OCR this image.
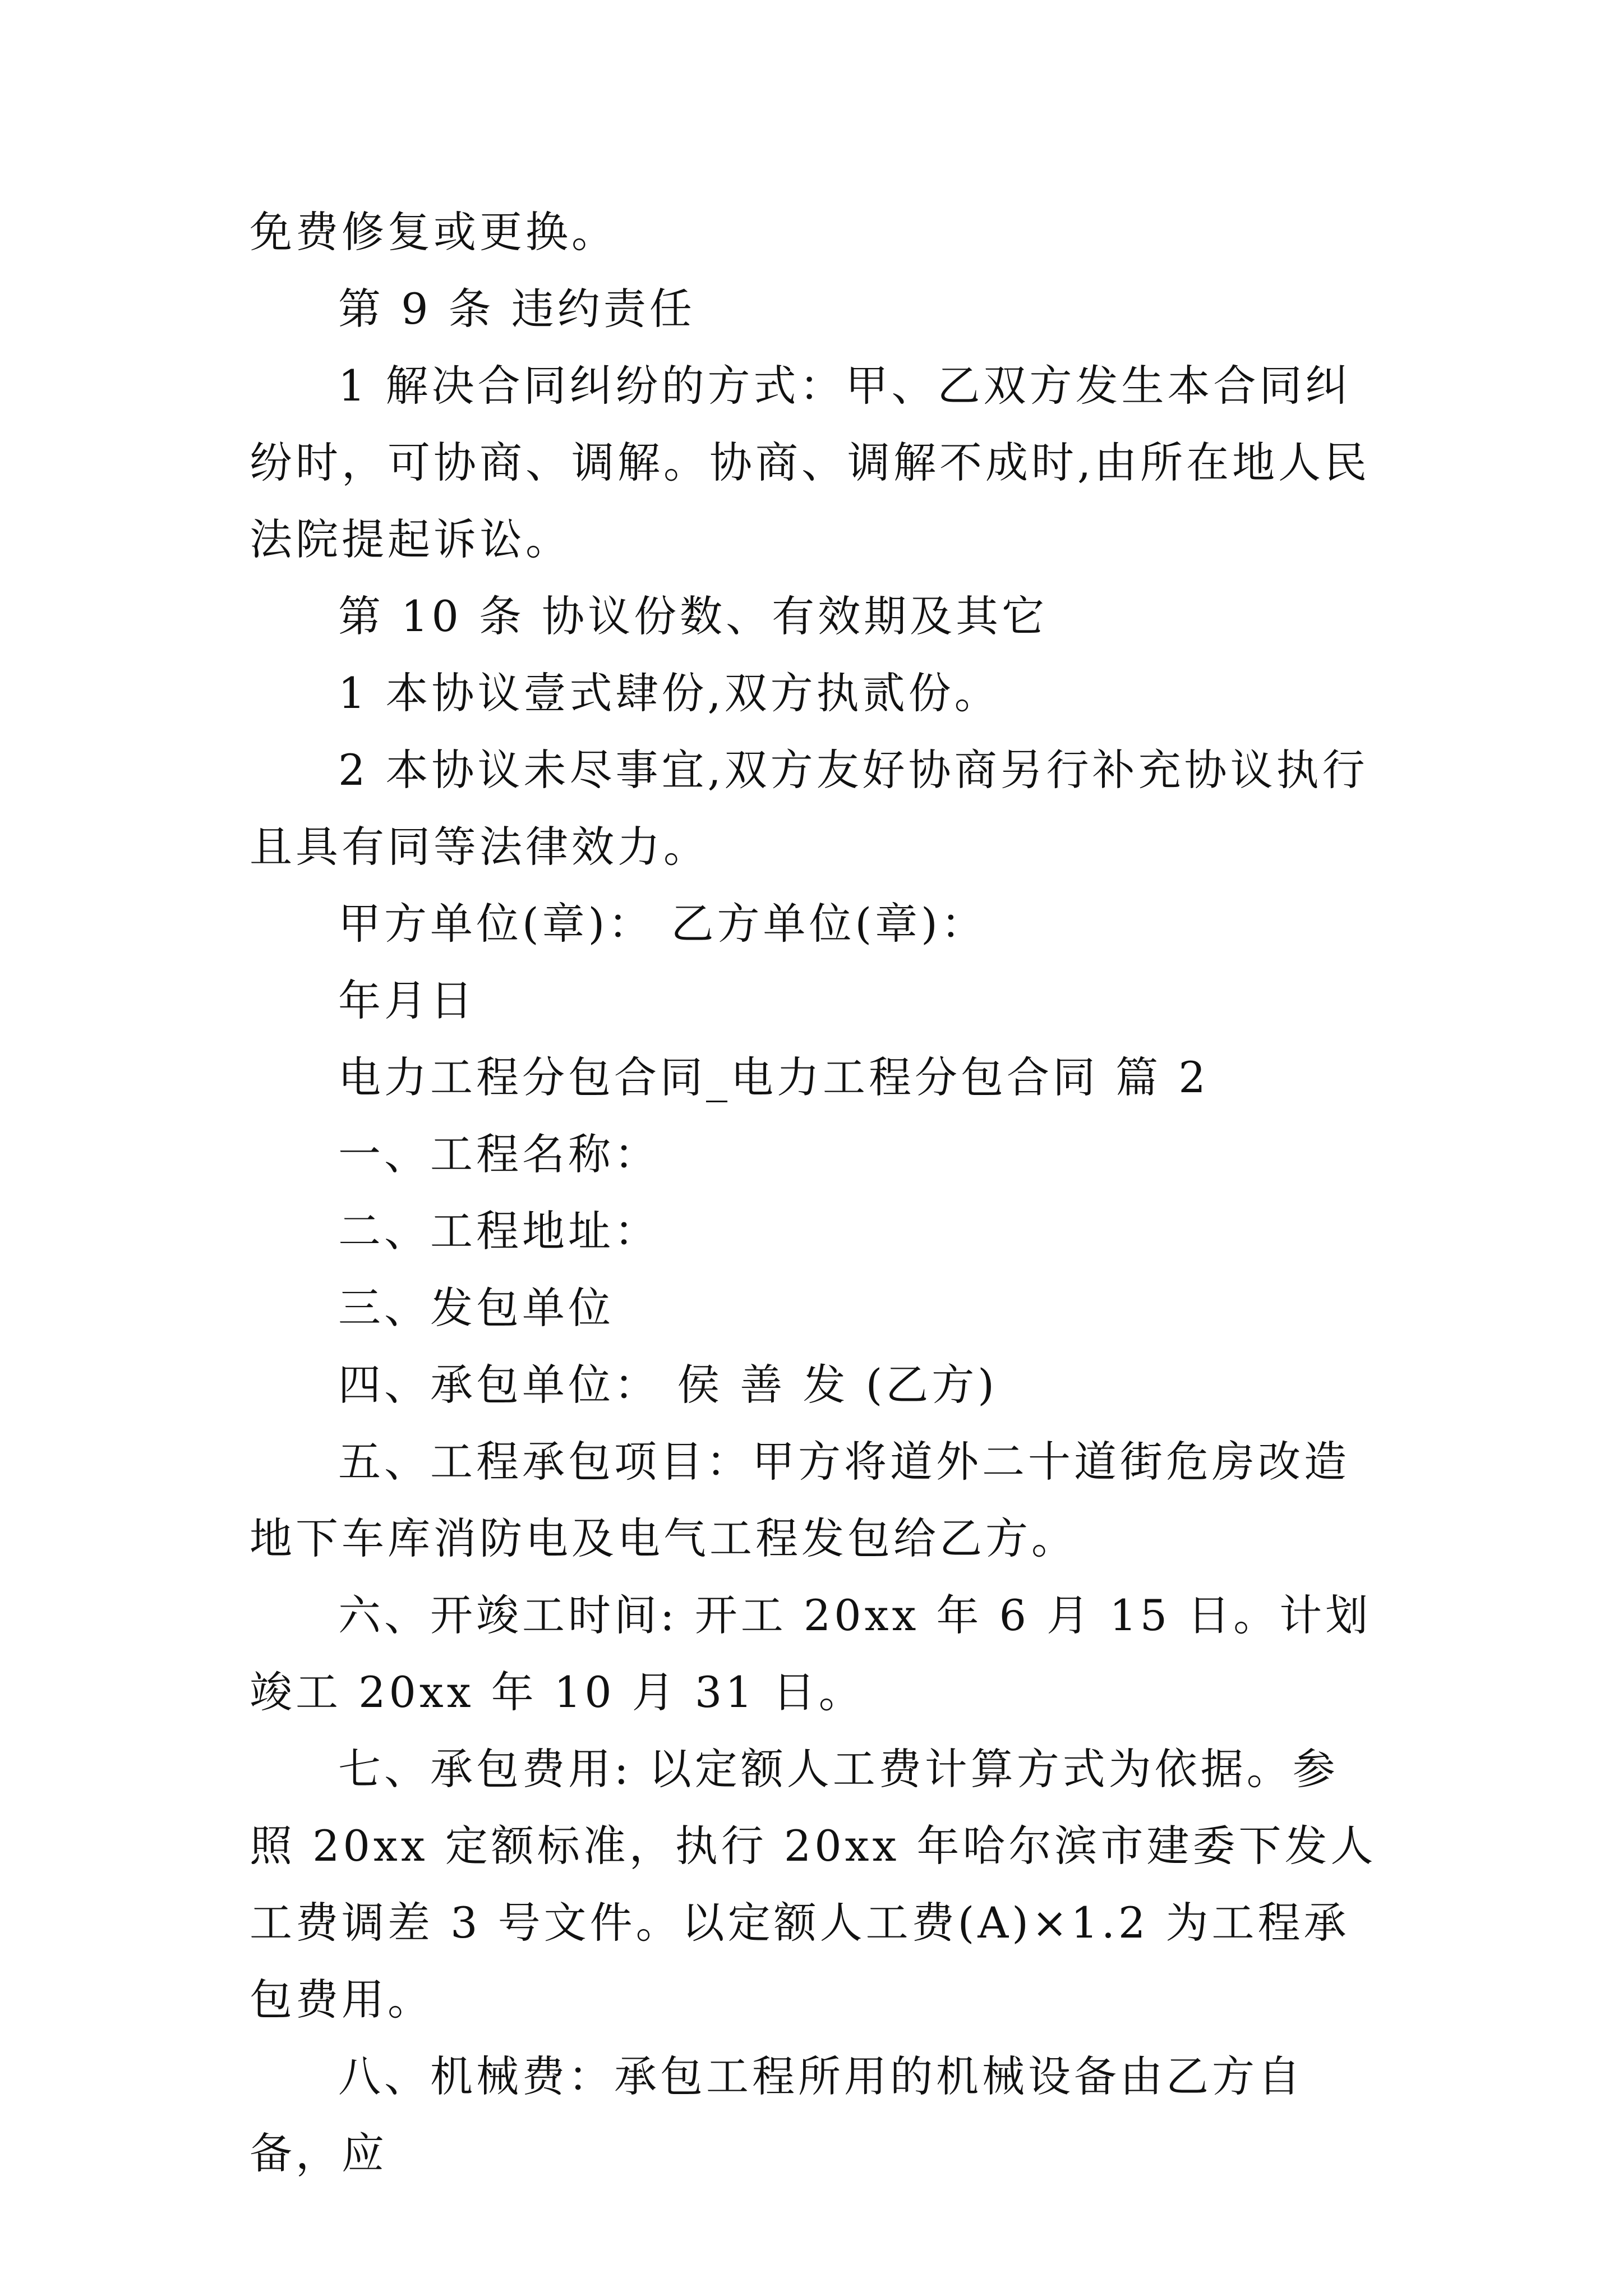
免费修复或更换。

第 9 条 违约责任

1 解决合同纠纷的方式：甲、乙双方发生本合同纠纷时，可协商、调解。协商、调解不成时,由所在地人民法院提起诉讼。

第 10 条 协议份数、有效期及其它

1 本协议壹式肆份,双方执贰份。

2 本协议未尽事宜,双方友好协商另行补充协议执行且具有同等法律效力。

甲方单位(章)： 乙方单位(章)：

年月日

电力工程分包合同_电力工程分包合同 篇 2

一、工程名称：

二、工程地址：

三、发包单位

四、承包单位： 侯 善 发 (乙方)

五、工程承包项目：甲方将道外二十道街危房改造地下车库消防电及电气工程发包给乙方。

六、开竣工时间: 开工 20xx 年 6 月 15 日。计划竣工 20xx 年 10 月 31 日。

七、承包费用: 以定额人工费计算方式为依据。参照 20xx 定额标准，执行 20xx 年哈尔滨市建委下发人工费调差 3 号文件。以定额人工费(A)×1.2 为工程承包费用。

八、机械费：承包工程所用的机械设备由乙方自备，应
